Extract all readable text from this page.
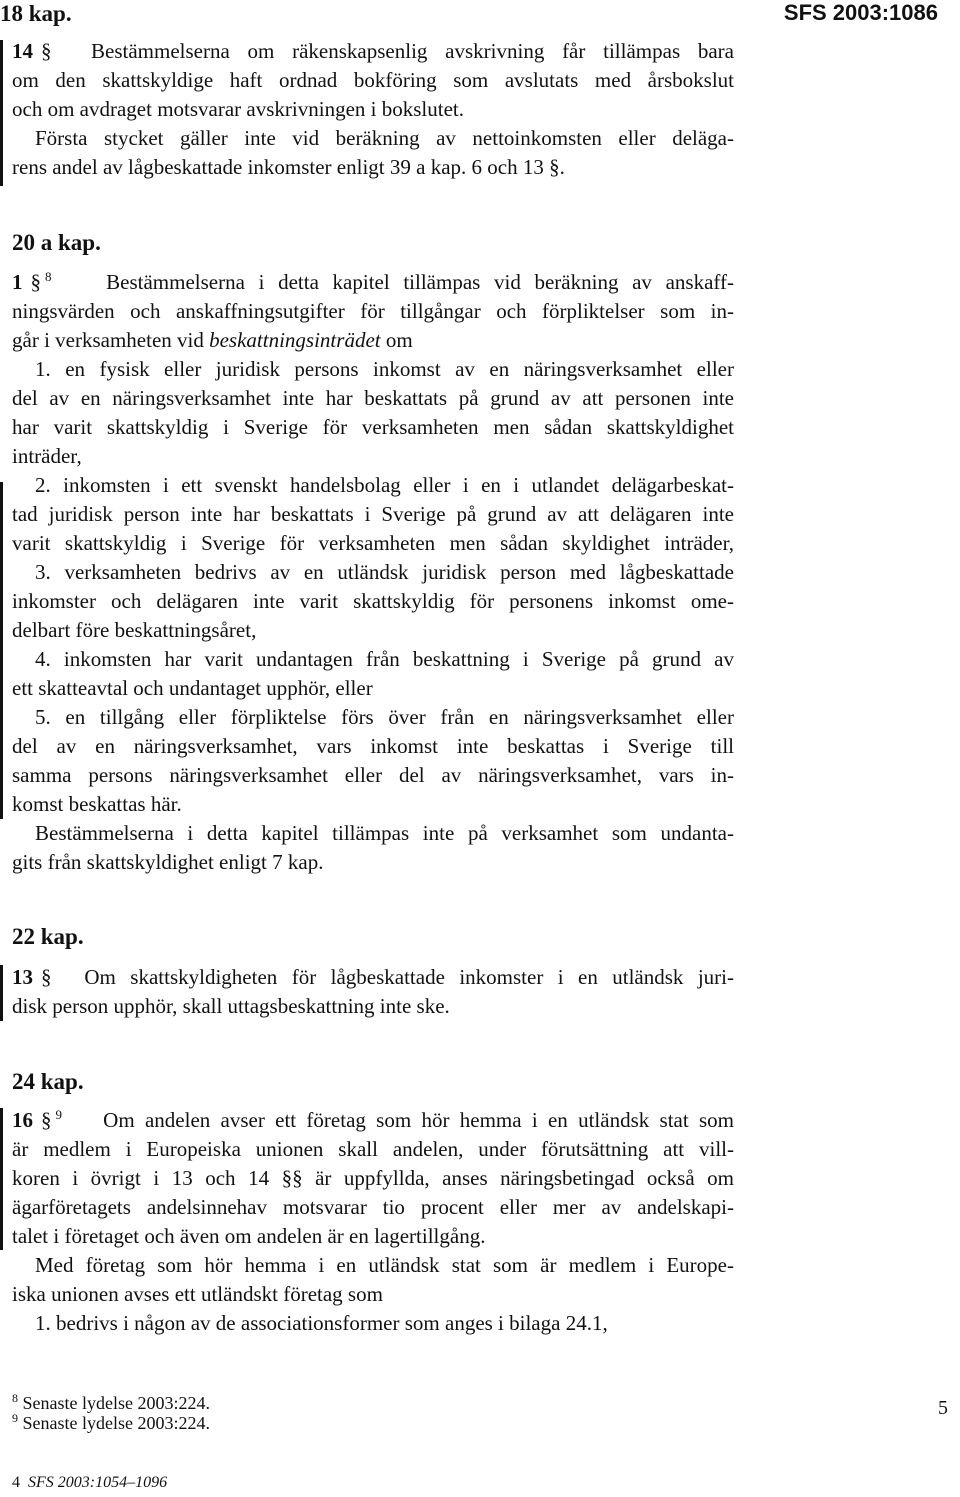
18 kap.	SFS 2003:1086
14 § Bestämmelserna om räkenskapsenlig avskrivning får tillämpas bara
om den skattskyldige haft ordnad bokföring som avslutats med årsbokslut
och om avdraget motsvarar avskrivningen i bokslutet.
Första stycket gäller inte vid beräkning av nettoinkomsten eller deläga-
rens andel av lågbeskattade inkomster enligt 39 a kap. 6 och 13 §.
20 a kap.
1 § $^8$	Bestämmelserna i detta kapitel tillämpas vid beräkning av anskaff-
ningsvärden och anskaffningsutgifter för tillgångar och förpliktelser som in-
går i verksamheten vid beskattningsinträdet om
1. en fysisk eller juridisk persons inkomst av en näringsverksamhet eller
del av en näringsverksamhet inte har beskattats på grund av att personen inte
har varit skattskyldig i Sverige för verksamheten men sådan skattskyldighet
inträder,
2. inkomsten i ett svenskt handelsbolag eller i en i utlandet delägarbeskat-
tad juridisk person inte har beskattats i Sverige på grund av att delägaren inte
varit skattskyldig i Sverige för verksamheten men sådan skyldighet inträder,
3. verksamheten bedrivs av en utländsk juridisk person med lågbeskattade
inkomster och delägaren inte varit skattskyldig för personens inkomst ome-
delbart före beskattningsåret,
4. inkomsten har varit undantagen från beskattning i Sverige på grund av
ett skatteavtal och undantaget upphör, eller
5. en tillgång eller förpliktelse förs över från en näringsverksamhet eller
del av en näringsverksamhet, vars inkomst inte beskattas i Sverige till
samma persons näringsverksamhet eller del av näringsverksamhet, vars in-
komst beskattas här.
Bestämmelserna i detta kapitel tillämpas inte på verksamhet som undanta-
gits från skattskyldighet enligt 7 kap.
22 kap.
13 § Om skattskyldigheten för lågbeskattade inkomster i en utländsk juri-
disk person upphör, skall uttagsbeskattning inte ske.
24 kap.
16 § $^9$ Om andelen avser ett företag som hör hemma i en utländsk stat som
är medlem i Europeiska unionen skall andelen, under förutsättning att vill-
koren i övrigt i 13 och 14 §§ är uppfyllda, anses näringsbetingad också om
ägarföretagets andelsinnehav motsvarar tio procent eller mer av andelskapi-
talet i företaget och även om andelen är en lagertillgång.
Med företag som hör hemma i en utländsk stat som är medlem i Europe-
iska unionen avses ett utländskt företag som
1. bedrivs i någon av de associationsformer som anges i bilaga 24.1,
$^8$ Senaste lydelse 2003:224.
$^9$ Senaste lydelse 2003:224.
5
4 SFS 2003:1054–1096
